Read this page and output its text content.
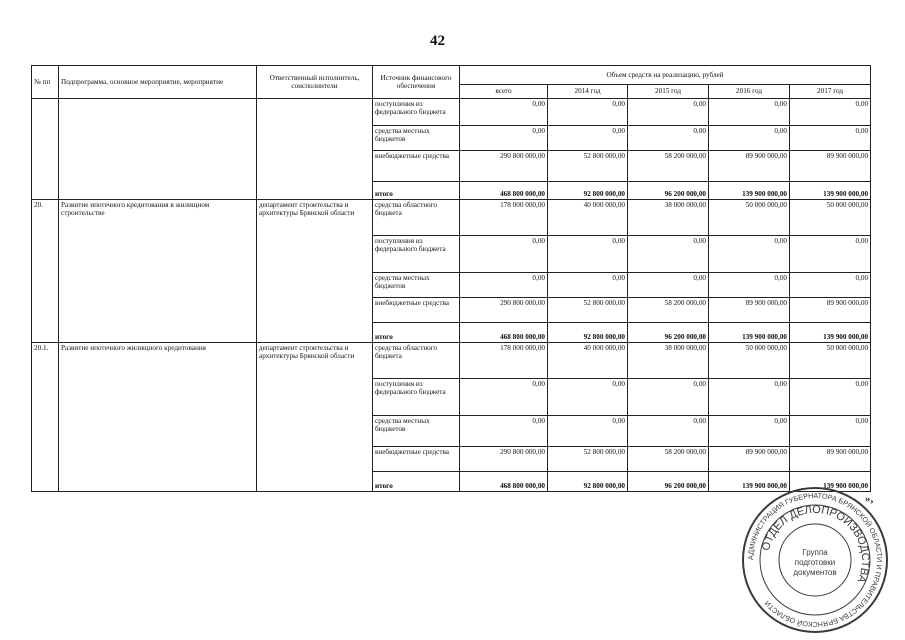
42
№ пп	Подпрограмма, основное мероприятие, мероприятие	Ответственный исполнитель, соисполнители	Источник финансового обеспечения	Объем средств на реализацию, рублей				
				всего	2014 год	2015 год	2016 год	2017 год
			поступления из федерального бюджета	0,00	0,00	0,00	0,00	0,00
			средства местных бюджетов	0,00	0,00	0,00	0,00	0,00
			внебюджетные средства	290 800 000,00	52 800 000,00	58 200 000,00	89 900 000,00	89 900 000,00
			итого	468 800 000,00	92 800 000,00	96 200 000,00	139 900 000,00	139 900 000,00
20.	Развитие ипотечного кредитования в жилищном строительстве	департамент строительства и архитектуры Брянской области	средства областного бюджета	178 000 000,00	40 000 000,00	38 000 000,00	50 000 000,00	50 000 000,00
			поступления из федерального бюджета	0,00	0,00	0,00	0,00	0,00
			средства местных бюджетов	0,00	0,00	0,00	0,00	0,00
			внебюджетные средства	290 800 000,00	52 800 000,00	58 200 000,00	89 900 000,00	89 900 000,00
			итого	468 800 000,00	92 800 000,00	96 200 000,00	139 900 000,00	139 900 000,00
20.1.	Развитие ипотечного жилищного кредитования	департамент строительства и архитектуры Брянской области	средства областного бюджета	178 000 000,00	40 000 000,00	38 000 000,00	50 000 000,00	50 000 000,00
			поступления из федерального бюджета	0,00	0,00	0,00	0,00	0,00
			средства местных бюджетов	0,00	0,00	0,00	0,00	0,00
			внебюджетные средства	290 800 000,00	52 800 000,00	58 200 000,00	89 900 000,00	89 900 000,00
			итого	468 800 000,00	92 800 000,00	96 200 000,00	139 900 000,00	139 900 000,00
»,
АДМИНИСТРАЦИЯ ГУБЕРНАТОРА БРЯНСКОЙ ОБЛАСТИ И ПРАВИТЕЛЬСТВА БРЯНСКОЙ ОБЛАСТИ
ОТДЕЛ ДЕЛОПРОИЗВОДСТВА
Группа
подготовки
документов
